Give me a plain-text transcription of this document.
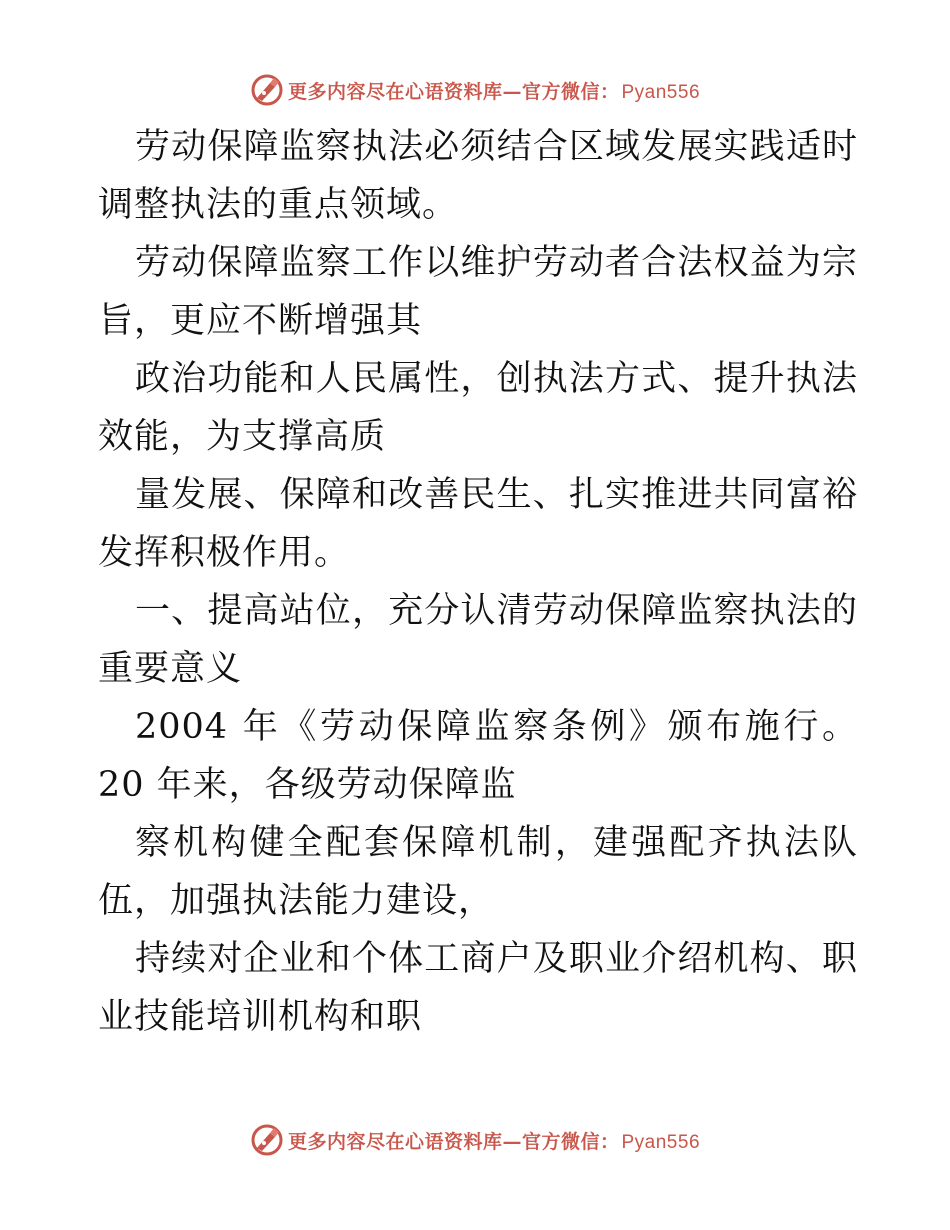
更多内容尽在心语资料库—官方微信： Pyan556

劳动保障监察执法必须结合区域发展实践适时调整执法的重点领域。

劳动保障监察工作以维护劳动者合法权益为宗旨，更应不断增强其

政治功能和人民属性，创执法方式、提升执法效能，为支撑高质

量发展、保障和改善民生、扎实推进共同富裕发挥积极作用。

一、提高站位，充分认清劳动保障监察执法的重要意义

2004 年《劳动保障监察条例》颁布施行。20 年来，各级劳动保障监

察机构健全配套保障机制，建强配齐执法队伍，加强执法能力建设，

持续对企业和个体工商户及职业介绍机构、职业技能培训机构和职

更多内容尽在心语资料库—官方微信： Pyan556
